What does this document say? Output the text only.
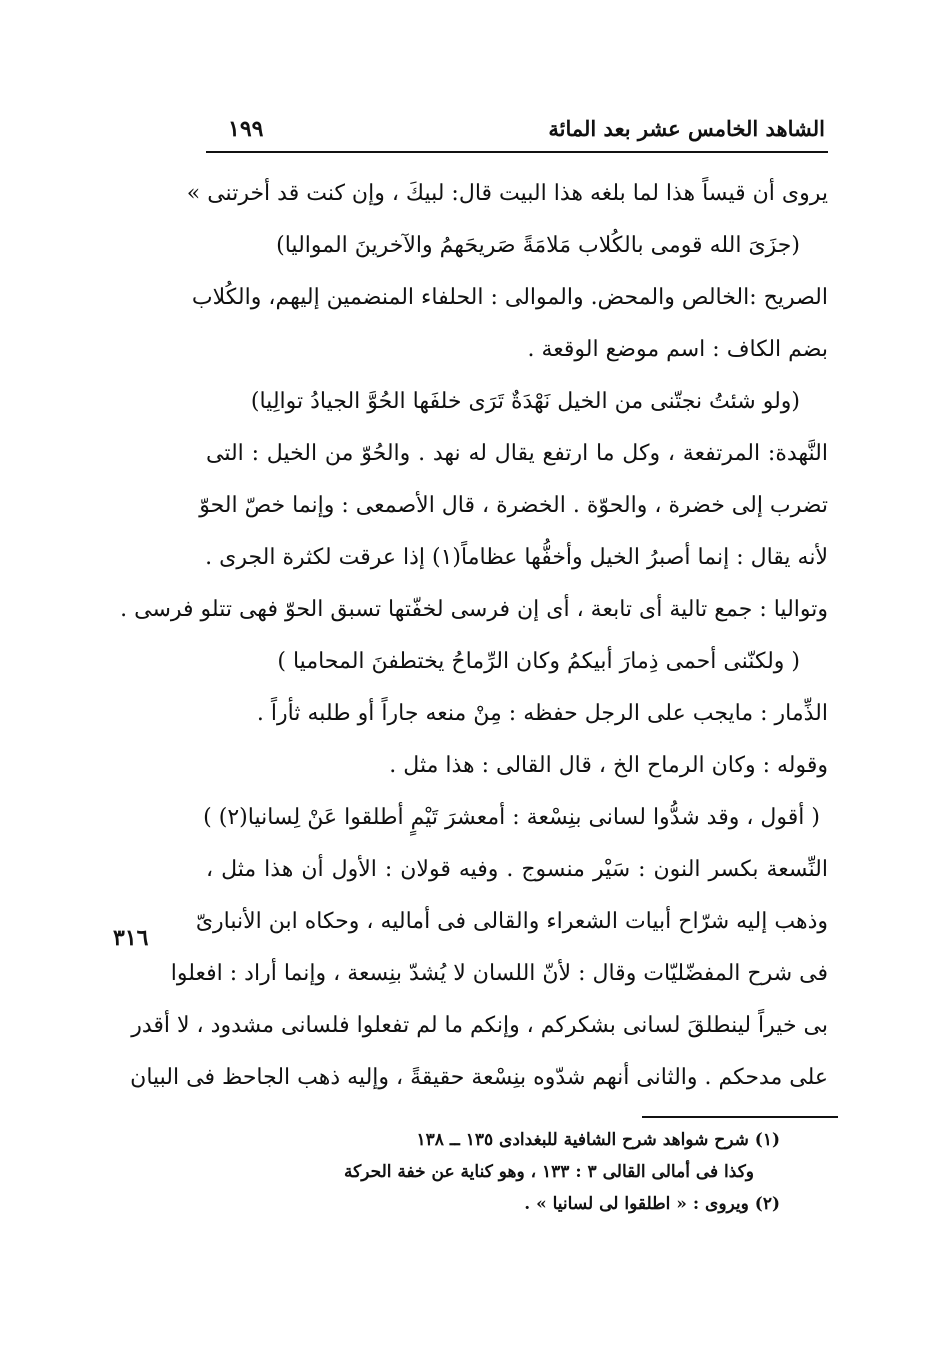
الشاهد الخامس عشر بعد المائة
١٩٩
يروى أن قيساً هذا لما بلغه هذا البيت قال: لبيكَ ، وإن كنت قد أخرتنى »
(جزَىَ الله قومى بالكُلاب مَلامَةً صَريحَهمُ والآخرينَ المواليا)
الصريح :الخالص والمحض. والموالى : الحلفاء المنضمين إليهم، والكُلاب
بضم الكاف : اسم موضع الوقعة .
(ولو شئتُ نجتّنى من الخيل نَهْدَةٌ تَرَى خلفَها الحُوَّ الجيادُ توالِيا)
النَّهدة: المرتفعة ، وكل ما ارتفع يقال له نهد . والحُوّ من الخيل : التى
تضرب إلى خضرة ، والحوّة . الخضرة ، قال الأصمعى : وإنما خصّ الحوّ
لأنه يقال : إنما أصبرُ الخيل وأخفُّها عظاماً(١) إذا عرقت لكثرة الجرى .
وتواليا : جمع تالية أى تابعة ، أى إن فرسى لخفّتها تسبق الحوّ فهى تتلو فرسى .
( ولكنّنى أحمى ذِمارَ أبيكمُ وكان الرِّماحُ يختطفنَ المحاميا )
الذِّمار : مايجب على الرجل حفظه : مِنْ منعه جاراً أو طلبه ثأراً .
وقوله : وكان الرماح الخ ، قال القالى : هذا مثل .
( أقول ، وقد شدُّوا لسانى بنِسْعة : أمعشرَ تَيْمٍ أطلقوا عَنْ لِسانيا(٢) )
النِّسعة بكسر النون : سَيْر منسوج . وفيه قولان : الأول أن هذا مثل ،
وذهب إليه شرّاح أبيات الشعراء والقالى فى أماليه ، وحكاه ابن الأنبارىّ
فى شرح المفضّليّات وقال : لأنّ اللسان لا يُشدّ بنِسعة ، وإنما أراد : افعلوا
بى خيراً لينطلقَ لسانى بشكركم ، وإنكم ما لم تفعلوا فلسانى مشدود ، لا أقدر
على مدحكم . والثانى أنهم شدّوه بنِسْعة حقيقةً ، وإليه ذهب الجاحظ فى البيان
٣١٦
(١) شرح شواهد شرح الشافية للبغدادى ١٣٥ ــ ١٣٨
وكذا فى أمالى القالى ٣ : ١٣٣ ، وهو كناية عن خفة الحركة
(٢) ويروى : « اطلقوا لى لسانيا » .
